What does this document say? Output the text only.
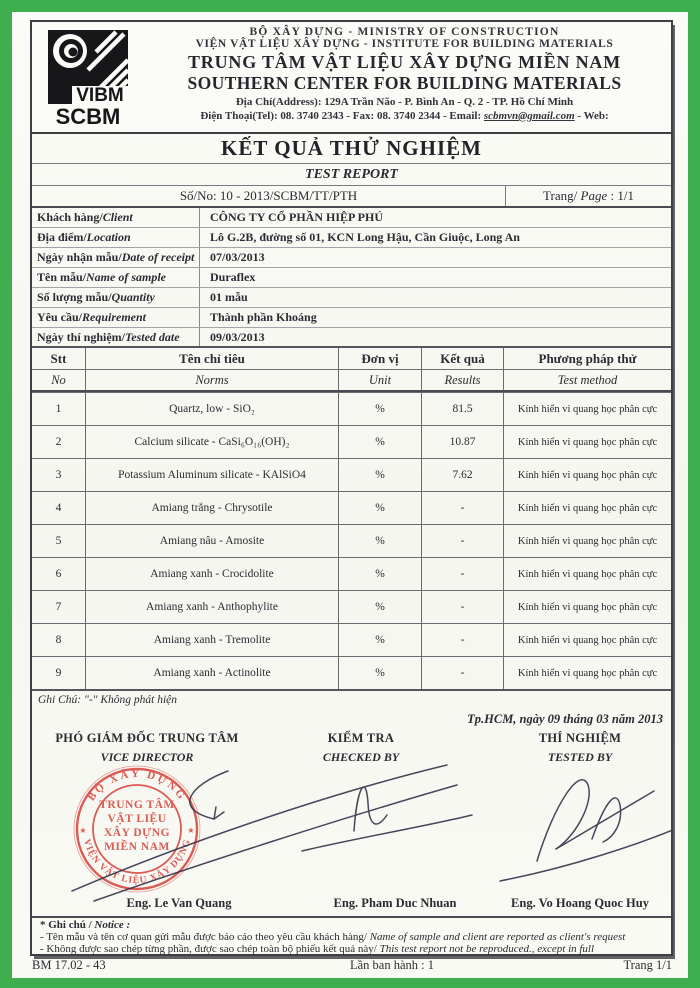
VIBM
SCBM
BỘ XÂY DỰNG - MINISTRY OF CONSTRUCTION
VIỆN VẬT LIỆU XÂY DỰNG - INSTITUTE FOR BUILDING MATERIALS
TRUNG TÂM VẬT LIỆU XÂY DỰNG MIỀN NAM
SOUTHERN CENTER FOR BUILDING MATERIALS
Địa Chỉ(Address): 129A Trần Não - P. Bình An - Q. 2 - TP. Hồ Chí Minh
Điện Thoại(Tel): 08. 3740 2343 - Fax: 08. 3740 2344 - Email: scbmvn@gmail.com - Web:
KẾT QUẢ THỬ NGHIỆM
TEST REPORT
Số/No: 10 - 2013/SCBM/TT/PTH	Trang/ Page : 1/1
Khách hàng/Client	CÔNG TY CỔ PHẦN HIỆP PHÚ
Địa điểm/Location	Lô G.2B, đường số 01, KCN Long Hậu, Cần Giuộc, Long An
Ngày nhận mẫu/Date of receipt	07/03/2013
Tên mẫu/Name of sample	Duraflex
Số lượng mẫu/Quantity	01 mẫu
Yêu cầu/Requirement	Thành phần Khoáng
Ngày thí nghiệm/Tested date	09/03/2013
Stt	Tên chỉ tiêu	Đơn vị	Kết quả	Phương pháp thử
No	Norms	Unit	Results	Test method
1	Quartz, low - SiO₂	%	81.5	Kính hiển vi quang học phân cực
2	Calcium silicate - CaSi₆O₁₆(OH)₂	%	10.87	Kính hiển vi quang học phân cực
3	Potassium Aluminum silicate - KAlSiO4	%	7.62	Kính hiển vi quang học phân cực
4	Amiang trắng - Chrysotile	%	-	Kính hiển vi quang học phân cực
5	Amiang nâu - Amosite	%	-	Kính hiển vi quang học phân cực
6	Amiang xanh - Crocidolite	%	-	Kính hiển vi quang học phân cực
7	Amiang xanh - Anthophylite	%	-	Kính hiển vi quang học phân cực
8	Amiang xanh - Tremolite	%	-	Kính hiển vi quang học phân cực
9	Amiang xanh - Actinolite	%	-	Kính hiển vi quang học phân cực
Ghi Chú: "-" Không phát hiện
Tp.HCM, ngày 09 tháng 03 năm 2013
PHÓ GIÁM ĐỐC TRUNG TÂM
VICE DIRECTOR
KIỂM TRA
CHECKED BY
THÍ NGHIỆM
TESTED BY
BỘ XÂY DỰNG
VIỆN VẬT LIỆU XÂY DỰNG
★	★
TRUNG TÂM
VẬT LIỆU
XÂY DỰNG
MIỀN NAM
Eng. Le Van Quang	Eng. Pham Duc Nhuan	Eng. Vo Hoang Quoc Huy
* Ghi chú / Notice :
- Tên mẫu và tên cơ quan gửi mẫu được báo cáo theo yêu cầu khách hàng/ Name of sample and client are reported as client's request
- Không được sao chép từng phần, được sao chép toàn bộ phiếu kết quả này/ This test report not be reproduced., except in full
BM 17.02 - 43	Lần ban hành : 1	Trang 1/1
